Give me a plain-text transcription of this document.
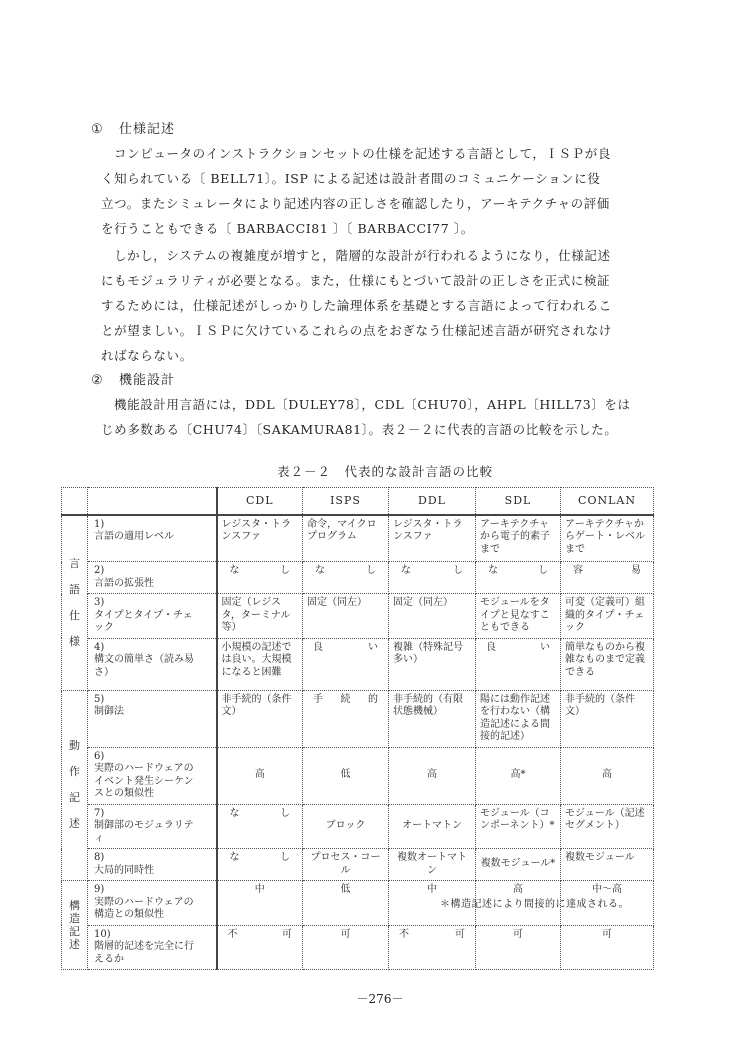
① 仕様記述
コンピュータのインストラクションセットの仕様を記述する言語として，ＩＳＰが良
く知られている〔 BELL71〕。ISP による記述は設計者間のコミュニケーションに役
立つ。またシミュレータにより記述内容の正しさを確認したり，アーキテクチャの評価
を行うこともできる〔 BARBACCI81 〕〔 BARBACCI77 〕。
しかし，システムの複雑度が増すと，階層的な設計が行われるようになり，仕様記述
にもモジュラリティが必要となる。また，仕様にもとづいて設計の正しさを正式に検証
するためには，仕様記述がしっかりした論理体系を基礎とする言語によって行われるこ
とが望ましい。ＩＳＰに欠けているこれらの点をおぎなう仕様記述言語が研究されなけ
ればならない。
② 機能設計
機能設計用言語には，DDL〔DULEY78〕，CDL〔CHU70〕，AHPL〔HILL73〕をは
じめ多数ある〔CHU74〕〔SAKAMURA81〕。表２－２に代表的言語の比較を示した。
表２－２　代表的な設計言語の比較
		CDL	ISPS	DDL	SDL	CONLAN
言
語
仕
様	1)言語の適用レベル	レジスタ・トランスファ	命令，マイクロプログラム	レジスタ・トランスファ	アーキテクチャから電子的素子まで	アーキテクチャからゲート・レベルまで
	2)言語の拡張性	なし	なし	なし	なし	容易
	3)タイプとタイプ・チェック	固定（レジスタ，ターミナル等）	固定（同左）	固定（同左）	モジュールをタイプと見なすこともできる	可変（定義可）組織的タイプ・チェック
	4)構文の簡単さ（読み易さ）	小規模の記述では良い。大規模になると困難	良い	複雑（特殊記号多い）	良い	簡単なものから複雑なものまで定義できる
動
作
記
述	5)制御法	非手続的（条件文）	手続的	非手続的（有限状態機械）	陽には動作記述を行わない（構造記述による間接的記述）	非手続的（条件文）
	6)実際のハードウェアのイベント発生シーケンスとの類似性	高	低	高	高*	高
	7)制御部のモジュラリティ	なし	ブロック	オートマトン	モジュール（コンポーネント）*	モジュール（記述セグメント）
	8)大局的同時性	なし	プロセス・コール	複数オートマトン	複数モジュール*	複数モジュール
構
造
記
述	9)実際のハードウェアの構造との類似性	中	低	中	高	中～高
	10)階層的記述を完全に行えるか	不可	可	不可	可	可
＊構造記述により間接的に達成される。
－276－
